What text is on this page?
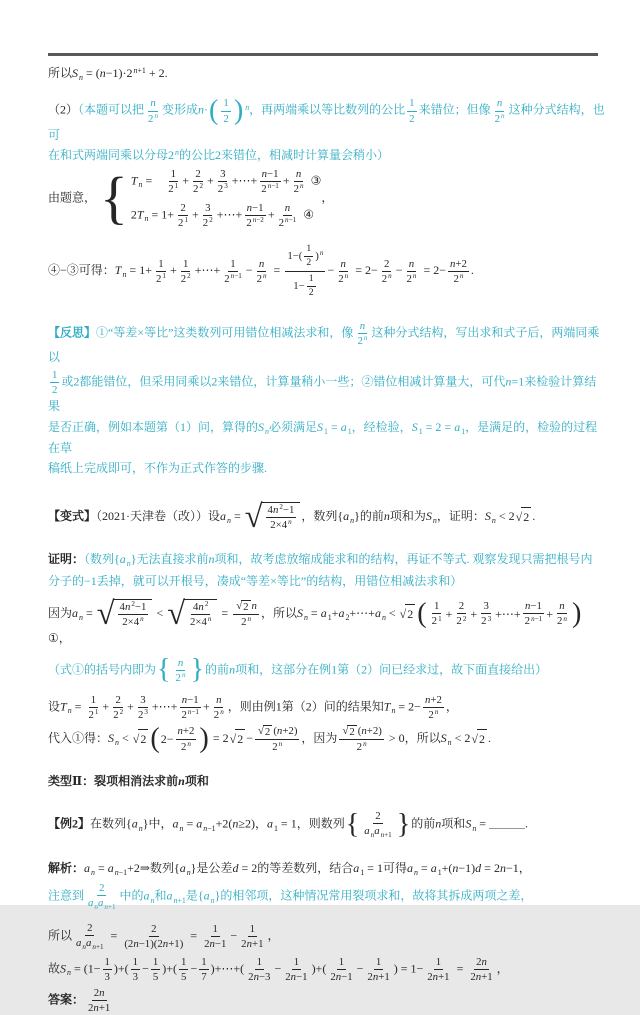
所以$S_n = (n-1)\cdot 2^{n+1} + 2$.
（2）（本题可以把 $\frac{n}{2^n}$ 变形成n· ( $\frac{1}{2}$ ) $^n$，再两端乘以等比数列的公比 $\frac{1}{2}$ 来错位；但像 $\frac{n}{2^n}$ 这种分式结构，也可
在和式两端同乘以分母2$^n$的公比2来错位，相减时计算量会稍小）
由题意， { $T_n$ =  $\frac{1}{2^1} + \frac{2}{2^2} + \frac{3}{2^3}$ +⋯+ $\frac{n-1}{2^{n-1}} + \frac{n}{2^n}$ ③
$2T_n = 1+ \frac{2}{2^1} + \frac{3}{2^2}$ +⋯+ $\frac{n-1}{2^{n-2}} + \frac{n}{2^{n-1}}$ ④
，
④−③可得：$T_n = 1+ \frac{1}{2^1} + \frac{1}{2^2}$ +⋯+ $\frac{1}{2^{n-1}} - \frac{n}{2^n} = \frac{1-( \frac{1}{2} )^n}{1- \frac{1}{2}} - \frac{n}{2^n} = 2- \frac{2}{2^n} - \frac{n}{2^n} = 2- \frac{n+2}{2^n}$ .
【反思】①“等差×等比”这类数列可用错位相减法求和，像 $\frac{n}{2^n}$ 这种分式结构，写出求和式子后，两端同乘以
$\frac{1}{2}$ 或2都能错位，但采用同乘以2来错位，计算量稍小一些；②错位相减计算量大，可代n=1来检验计算结果
是否正确，例如本题第（1）问，算得的$S_n$必须满足$S_1 = a_1$，经检验，$S_1 = 2 = a_1$，是满足的，检验的过程在草
稿纸上完成即可，不作为正式作答的步骤.
【变式】（2021·天津卷（改））设$a_n$ = √ $\frac{4n^2-1}{2\times 4^n}$ ，数列$\{a_n\}$的前n项和为$S_n$，证明：$S_n < 2$ √ 2 .
证明：（数列$\{a_n\}$无法直接求前n项和，故考虑放缩成能求和的结构，再证不等式. 观察发现只需把根号内
分子的−1丢掉，就可以开根号，凑成“等差×等比”的结构，用错位相减法求和）
因为$a_n$ = √ $\frac{4n^2-1}{2\times 4^n}$ < √ $\frac{4n^2}{2\times 4^n} = \frac{√ 2 n}{2^n}$ ，所以$S_n$ = $a_1+a_2+\cdots+a_n$ < √ 2 ( $\frac{1}{2^1} + \frac{2}{2^2} + \frac{3}{2^3}$ +⋯+ $\frac{n-1}{2^{n-1}} + \frac{n}{2^n}$ )
①，
（式①的括号内即为 { $\frac{n}{2^n}$ } 的前n项和，这部分在例1第（2）问已经求过，故下面直接给出）
设$T_n = \frac{1}{2^1} + \frac{2}{2^2} + \frac{3}{2^3}$ +⋯+ $\frac{n-1}{2^{n-1}} + \frac{n}{2^n}$ ，则由例1第（2）问的结果知$T_n = 2- \frac{n+2}{2^n}$ ，
代入①得：$S_n$ < √ 2 ( $2- \frac{n+2}{2^n}$ ) = 2 √ $2 - \frac{√ 2 (n+2)}{2^n}$ ，因为 $\frac{√ 2 (n+2)}{2^n} > 0$，所以$S_n < 2$ √ 2 .
类型Ⅱ：裂项相消法求前n项和
【例2】在数列$\{a_n\}$中，$a_n = a_{n-1}+2(n\ge 2)$，$a_1 = 1$，则数列 { $\frac{2}{a_na_{n+1}}$ } 的前n项和$S_n$ = ＿＿＿.
解析：$a_n$ = $a_{n-1}+2\Rightarrow$数列$\{a_n\}$是公差d = 2的等差数列，结合$a_1 = 1$可得$a_n = a_1+(n-1)d = 2n-1$，
注意到 $\frac{2}{a_na_{n+1}}$ 中的$a_n$和$a_{n+1}$是$\{a_n\}$的相邻项，这种情况常用裂项求和，故将其拆成两项之差，
所以 $\frac{2}{a_na_{n+1}} = \frac{2}{(2n-1)(2n+1)} = \frac{1}{2n-1} - \frac{1}{2n+1}$ ，
故$S_n = (1- \frac{1}{3}$ )+( $\frac{1}{3} - \frac{1}{5}$ )+( $\frac{1}{5} - \frac{1}{7}$ )+⋯+( $\frac{1}{2n-3} - \frac{1}{2n-1}$ )+( $\frac{1}{2n-1} - \frac{1}{2n+1}$ ) = $1- \frac{1}{2n+1} = \frac{2n}{2n+1}$ ，
答案： $\frac{2n}{2n+1}$
